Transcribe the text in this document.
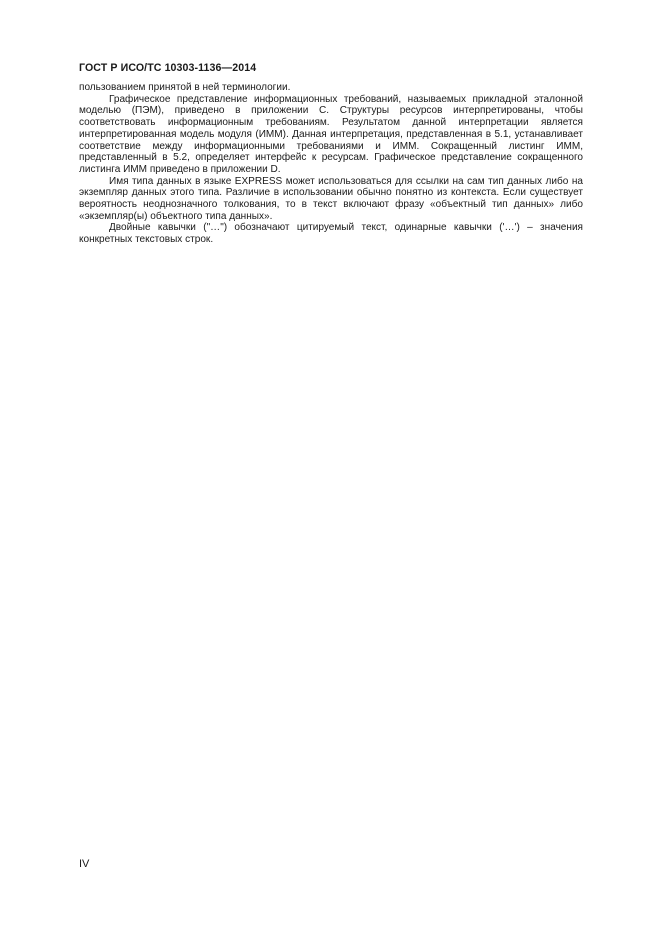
ГОСТ Р ИСО/ТС 10303-1136—2014

пользованием принятой в ней терминологии.

Графическое представление информационных требований, называемых прикладной эталонной моделью (ПЭМ), приведено в приложении C. Структуры ресурсов интерпретированы, чтобы соответствовать информационным требованиям. Результатом данной интерпретации является интерпретированная модель модуля (ИММ). Данная интерпретация, представленная в 5.1, устанавливает соответствие между информационными требованиями и ИММ. Сокращенный листинг ИММ, представленный в 5.2, определяет интерфейс к ресурсам. Графическое представление сокращенного листинга ИММ приведено в приложении D.

Имя типа данных в языке EXPRESS может использоваться для ссылки на сам тип данных либо на экземпляр данных этого типа. Различие в использовании обычно понятно из контекста. Если существует вероятность неоднозначного толкования, то в текст включают фразу «объектный тип данных» либо «экземпляр(ы) объектного типа данных».

Двойные кавычки ("…") обозначают цитируемый текст, одинарные кавычки ('…') – значения конкретных текстовых строк.

IV
